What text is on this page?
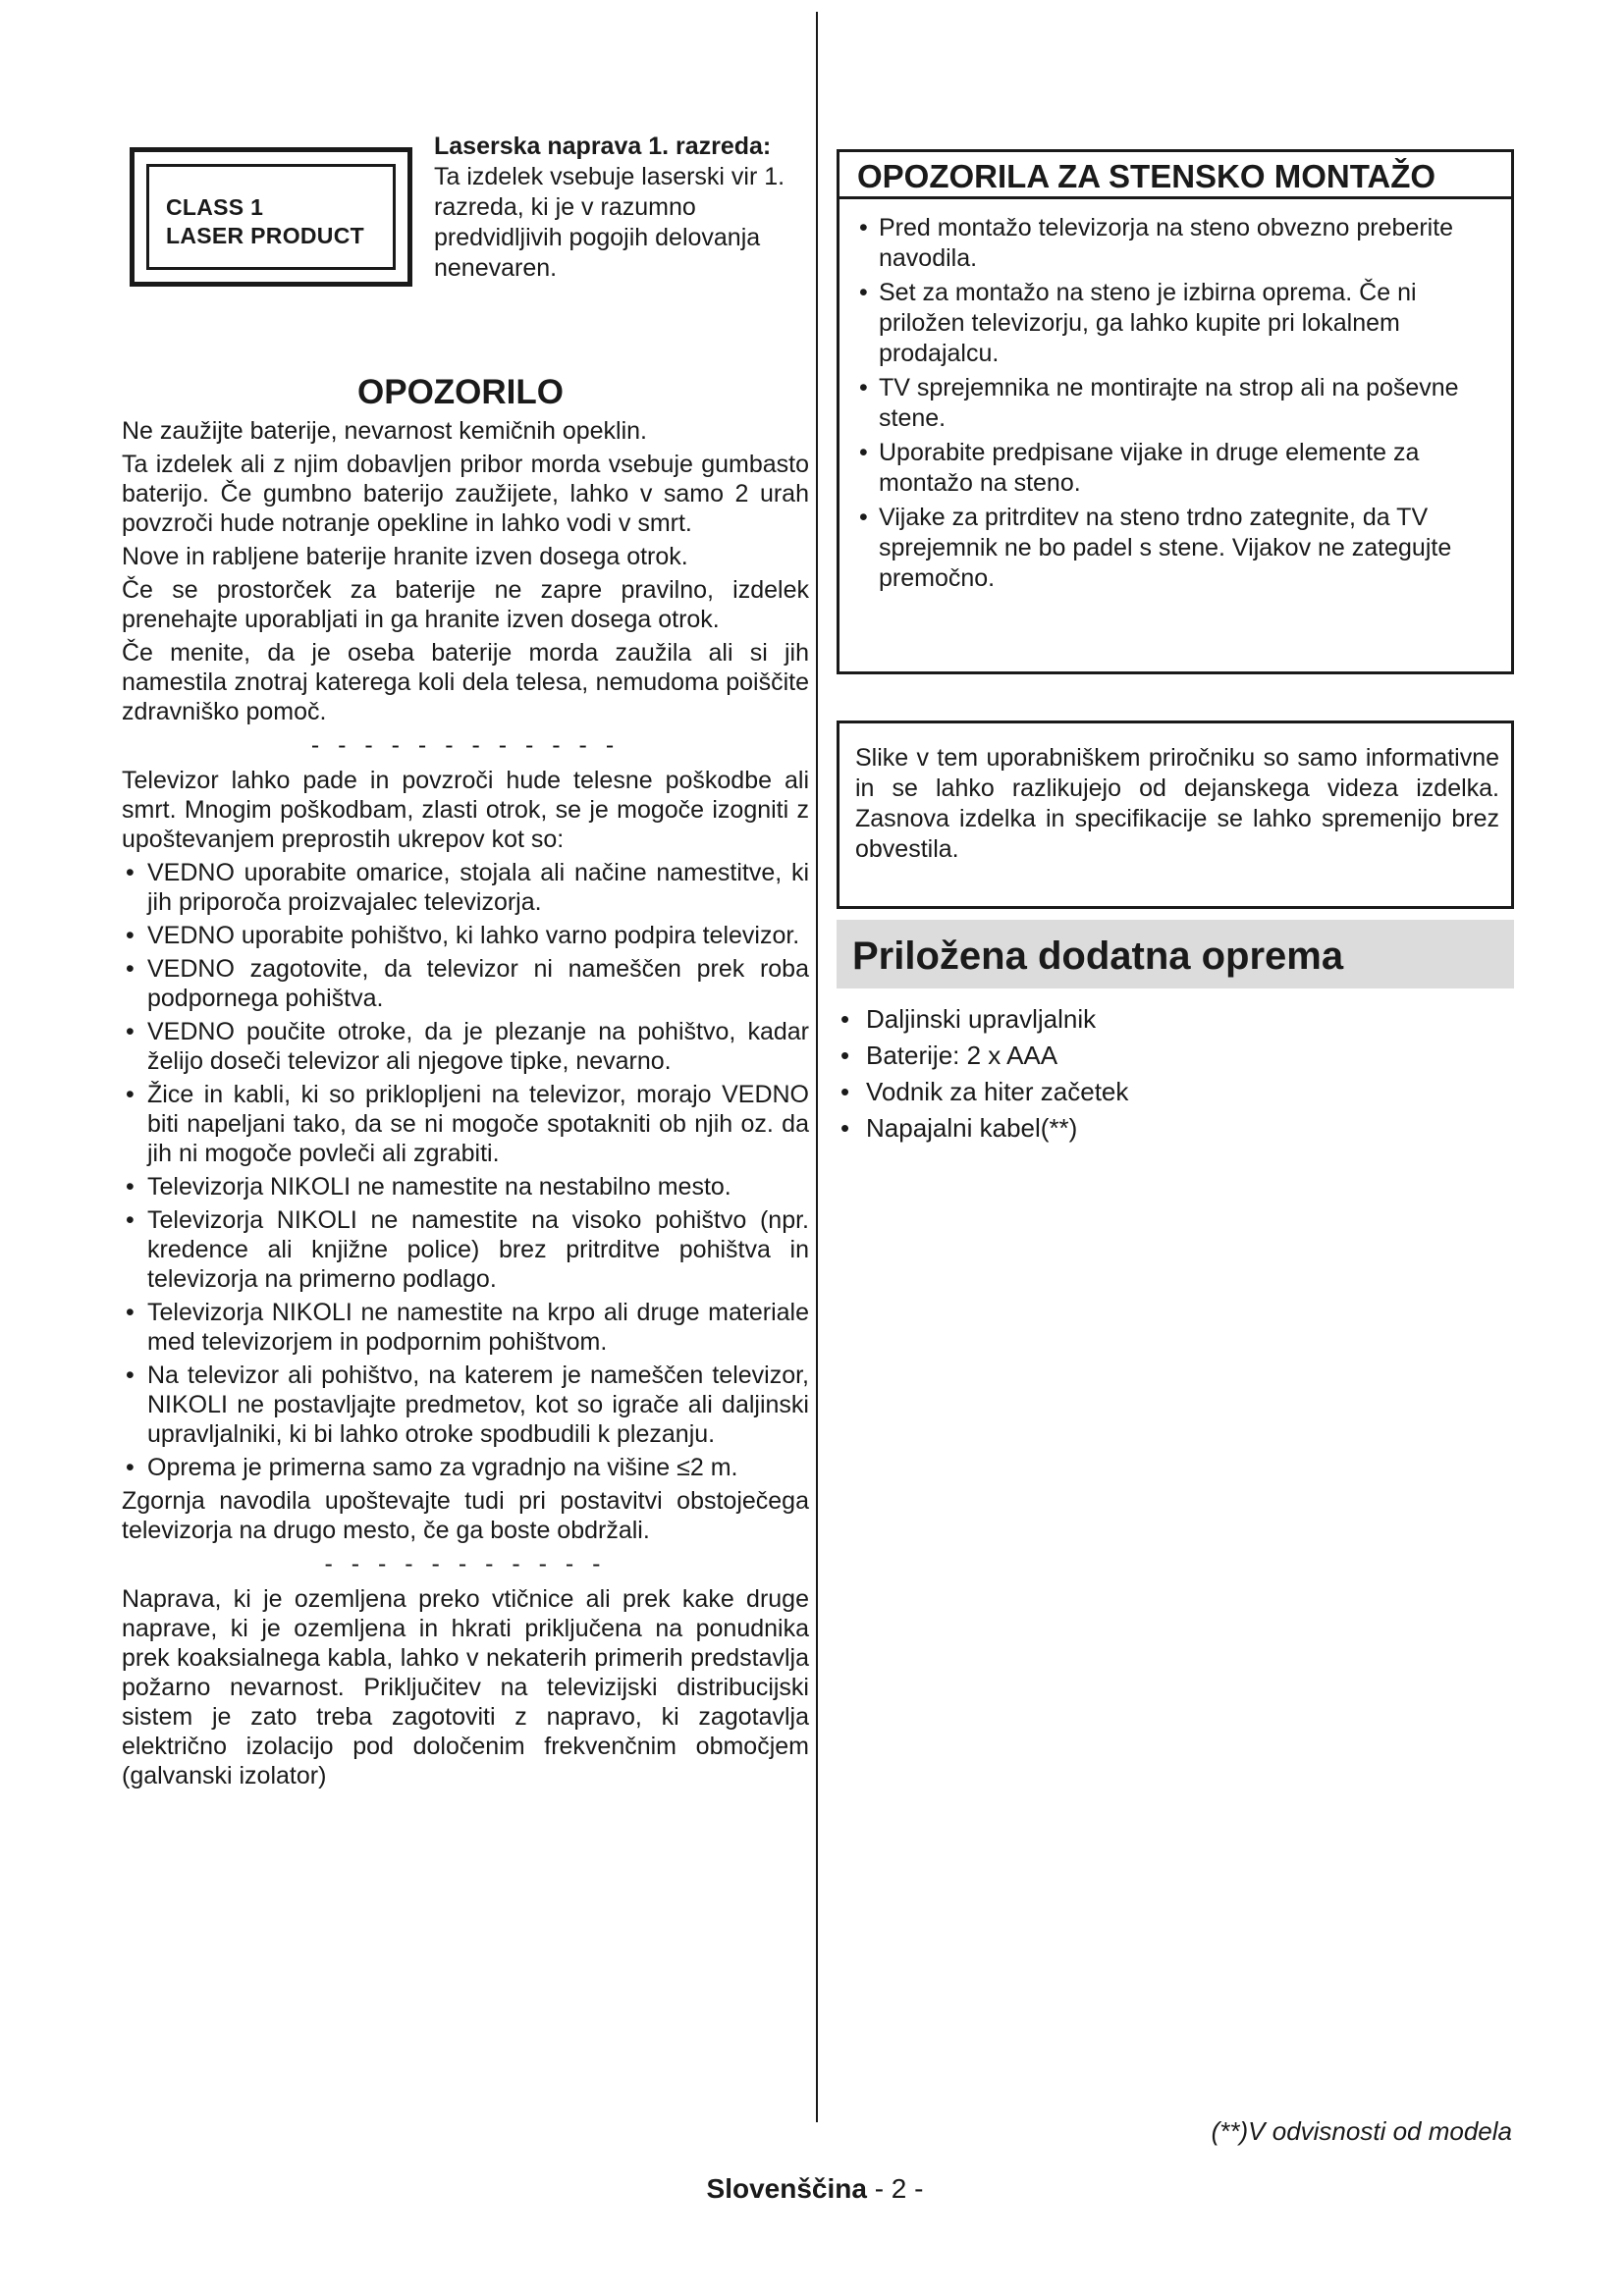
CLASS 1
LASER PRODUCT
Laserska naprava 1. razreda: Ta izdelek vsebuje laserski vir 1. razreda, ki je v razumno predvidljivih pogojih delovanja nenevaren.
OPOZORILO

Ne zaužijte baterije, nevarnost kemičnih opeklin.

Ta izdelek ali z njim dobavljen pribor morda vsebuje gumbasto baterijo. Če gumbno baterijo zaužijete, lahko v samo 2 urah povzroči hude notranje opekline in lahko vodi v smrt.

Nove in rabljene baterije hranite izven dosega otrok.

Če se prostorček za baterije ne zapre pravilno, izdelek prenehajte uporabljati in ga hranite izven dosega otrok.

Če menite, da je oseba baterije morda zaužila ali si jih namestila znotraj katerega koli dela telesa, nemudoma poiščite zdravniško pomoč.

- - - - - - - - - - - -

Televizor lahko pade in povzroči hude telesne poškodbe ali smrt. Mnogim poškodbam, zlasti otrok, se je mogoče izogniti z upoštevanjem preprostih ukrepov kot so:

• VEDNO uporabite omarice, stojala ali načine namestitve, ki jih priporoča proizvajalec televizorja.
• VEDNO uporabite pohištvo, ki lahko varno podpira televizor.
• VEDNO zagotovite, da televizor ni nameščen prek roba podpornega pohištva.
• VEDNO poučite otroke, da je plezanje na pohištvo, kadar želijo doseči televizor ali njegove tipke, nevarno.
• Žice in kabli, ki so priklopljeni na televizor, morajo VEDNO biti napeljani tako, da se ni mogoče spotakniti ob njih oz. da jih ni mogoče povleči ali zgrabiti.
• Televizorja NIKOLI ne namestite na nestabilno mesto.
• Televizorja NIKOLI ne namestite na visoko pohištvo (npr. kredence ali knjižne police) brez pritrditve pohištva in televizorja na primerno podlago.
• Televizorja NIKOLI ne namestite na krpo ali druge materiale med televizorjem in podpornim pohištvom.
• Na televizor ali pohištvo, na katerem je nameščen televizor, NIKOLI ne postavljajte predmetov, kot so igrače ali daljinski upravljalniki, ki bi lahko otroke spodbudili k plezanju.
• Oprema je primerna samo za vgradnjo na višine ≤2 m.

Zgornja navodila upoštevajte tudi pri postavitvi obstoječega televizorja na drugo mesto, če ga boste obdržali.

- - - - - - - - - - -

Naprava, ki je ozemljena preko vtičnice ali prek kake druge naprave, ki je ozemljena in hkrati priključena na ponudnika prek koaksialnega kabla, lahko v nekaterih primerih predstavlja požarno nevarnost. Priključitev na televizijski distribucijski sistem je zato treba zagotoviti z napravo, ki zagotavlja električno izolacijo pod določenim frekvenčnim območjem (galvanski izolator)

OPOZORILA ZA STENSKO MONTAŽO
• Pred montažo televizorja na steno obvezno preberite navodila.
• Set za montažo na steno je izbirna oprema. Če ni priložen televizorju, ga lahko kupite pri lokalnem prodajalcu.
• TV sprejemnika ne montirajte na strop ali na poševne stene.
• Uporabite predpisane vijake in druge elemente za montažo na steno.
• Vijake za pritrditev na steno trdno zategnite, da TV sprejemnik ne bo padel s stene. Vijakov ne zategujte premočno.
Slike v tem uporabniškem priročniku so samo informativne in se lahko razlikujejo od dejanskega videza izdelka. Zasnova izdelka in specifikacije se lahko spremenijo brez obvestila.
Priložena dodatna oprema
• Daljinski upravljalnik
• Baterije: 2 x AAA
• Vodnik za hiter začetek
• Napajalni kabel(**)
(**)V odvisnosti od modela
Slovenščina - 2 -
